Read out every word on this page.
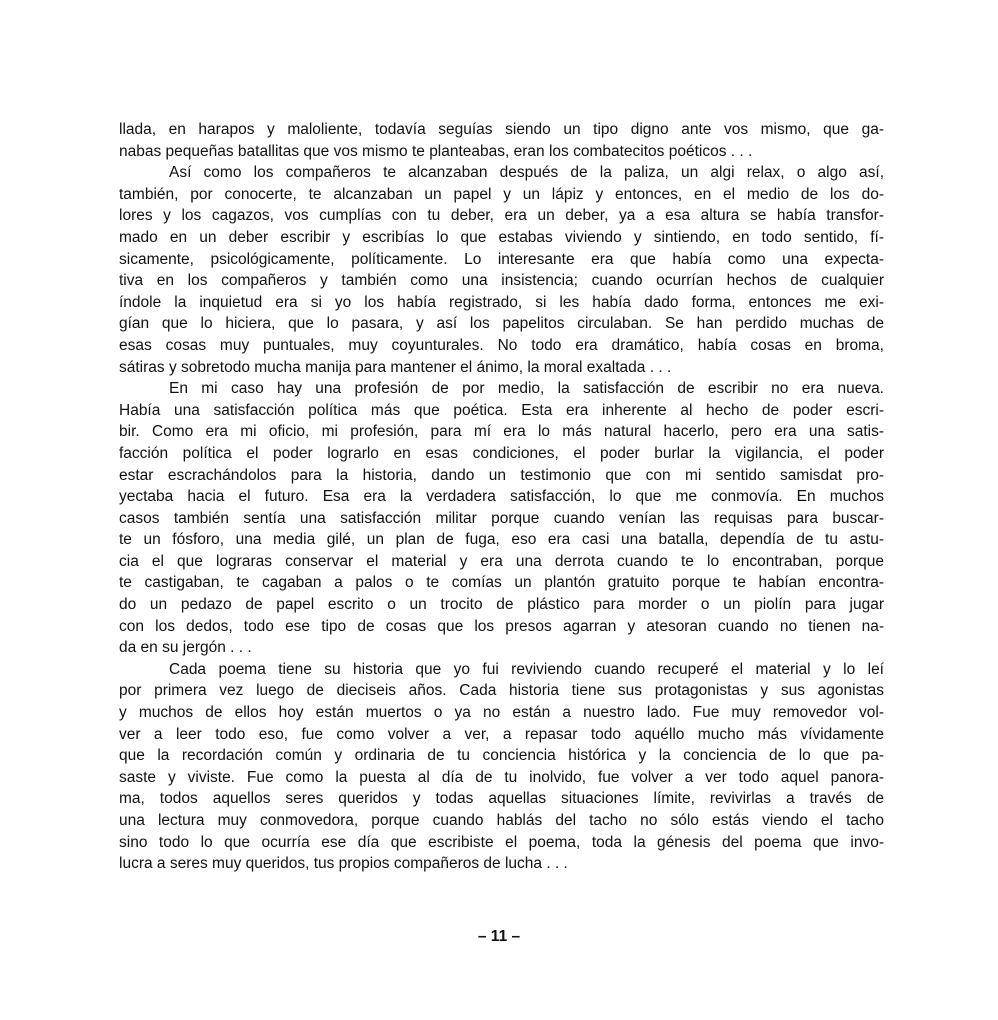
llada, en harapos y maloliente, todavía seguías siendo un tipo digno ante vos mismo, que ga-
nabas pequeñas batallitas que vos mismo te planteabas, eran los combatecitos poéticos . . .
Así como los compañeros te alcanzaban después de la paliza, un algi relax, o algo así,
también, por conocerte, te alcanzaban un papel y un lápiz y entonces, en el medio de los do-
lores y los cagazos, vos cumplías con tu deber, era un deber, ya a esa altura se había transfor-
mado en un deber escribir y escribías lo que estabas viviendo y sintiendo, en todo sentido, fí-
sicamente, psicológicamente, políticamente. Lo interesante era que había como una expecta-
tiva en los compañeros y también como una insistencia; cuando ocurrían hechos de cualquier
índole la inquietud era si yo los había registrado, si les había dado forma, entonces me exi-
gían que lo hiciera, que lo pasara, y así los papelitos circulaban. Se han perdido muchas de
esas cosas muy puntuales, muy coyunturales. No todo era dramático, había cosas en broma,
sátiras y sobretodo mucha manija para mantener el ánimo, la moral exaltada . . .
En mi caso hay una profesión de por medio, la satisfacción de escribir no era nueva.
Había una satisfacción política más que poética. Esta era inherente al hecho de poder escri-
bir. Como era mi oficio, mi profesión, para mí era lo más natural hacerlo, pero era una satis-
facción política el poder lograrlo en esas condiciones, el poder burlar la vigilancia, el poder
estar escrachándolos para la historia, dando un testimonio que con mi sentido samisdat pro-
yectaba hacia el futuro. Esa era la verdadera satisfacción, lo que me conmovía. En muchos
casos también sentía una satisfacción militar porque cuando venían las requisas para buscar-
te un fósforo, una media gilé, un plan de fuga, eso era casi una batalla, dependía de tu astu-
cia el que lograras conservar el material y era una derrota cuando te lo encontraban, porque
te castigaban, te cagaban a palos o te comías un plantón gratuito porque te habían encontra-
do un pedazo de papel escrito o un trocito de plástico para morder o un piolín para jugar
con los dedos, todo ese tipo de cosas que los presos agarran y atesoran cuando no tienen na-
da en su jergón . . .
Cada poema tiene su historia que yo fui reviviendo cuando recuperé el material y lo leí
por primera vez luego de dieciseis años. Cada historia tiene sus protagonistas y sus agonistas
y muchos de ellos hoy están muertos o ya no están a nuestro lado. Fue muy removedor vol-
ver a leer todo eso, fue como volver a ver, a repasar todo aquéllo mucho más vívidamente
que la recordación común y ordinaria de tu conciencia histórica y la conciencia de lo que pa-
saste y viviste. Fue como la puesta al día de tu inolvido, fue volver a ver todo aquel panora-
ma, todos aquellos seres queridos y todas aquellas situaciones límite, revivirlas a través de
una lectura muy conmovedora, porque cuando hablás del tacho no sólo estás viendo el tacho
sino todo lo que ocurría ese día que escribiste el poema, toda la génesis del poema que invo-
lucra a seres muy queridos, tus propios compañeros de lucha . . .
– 11 –
